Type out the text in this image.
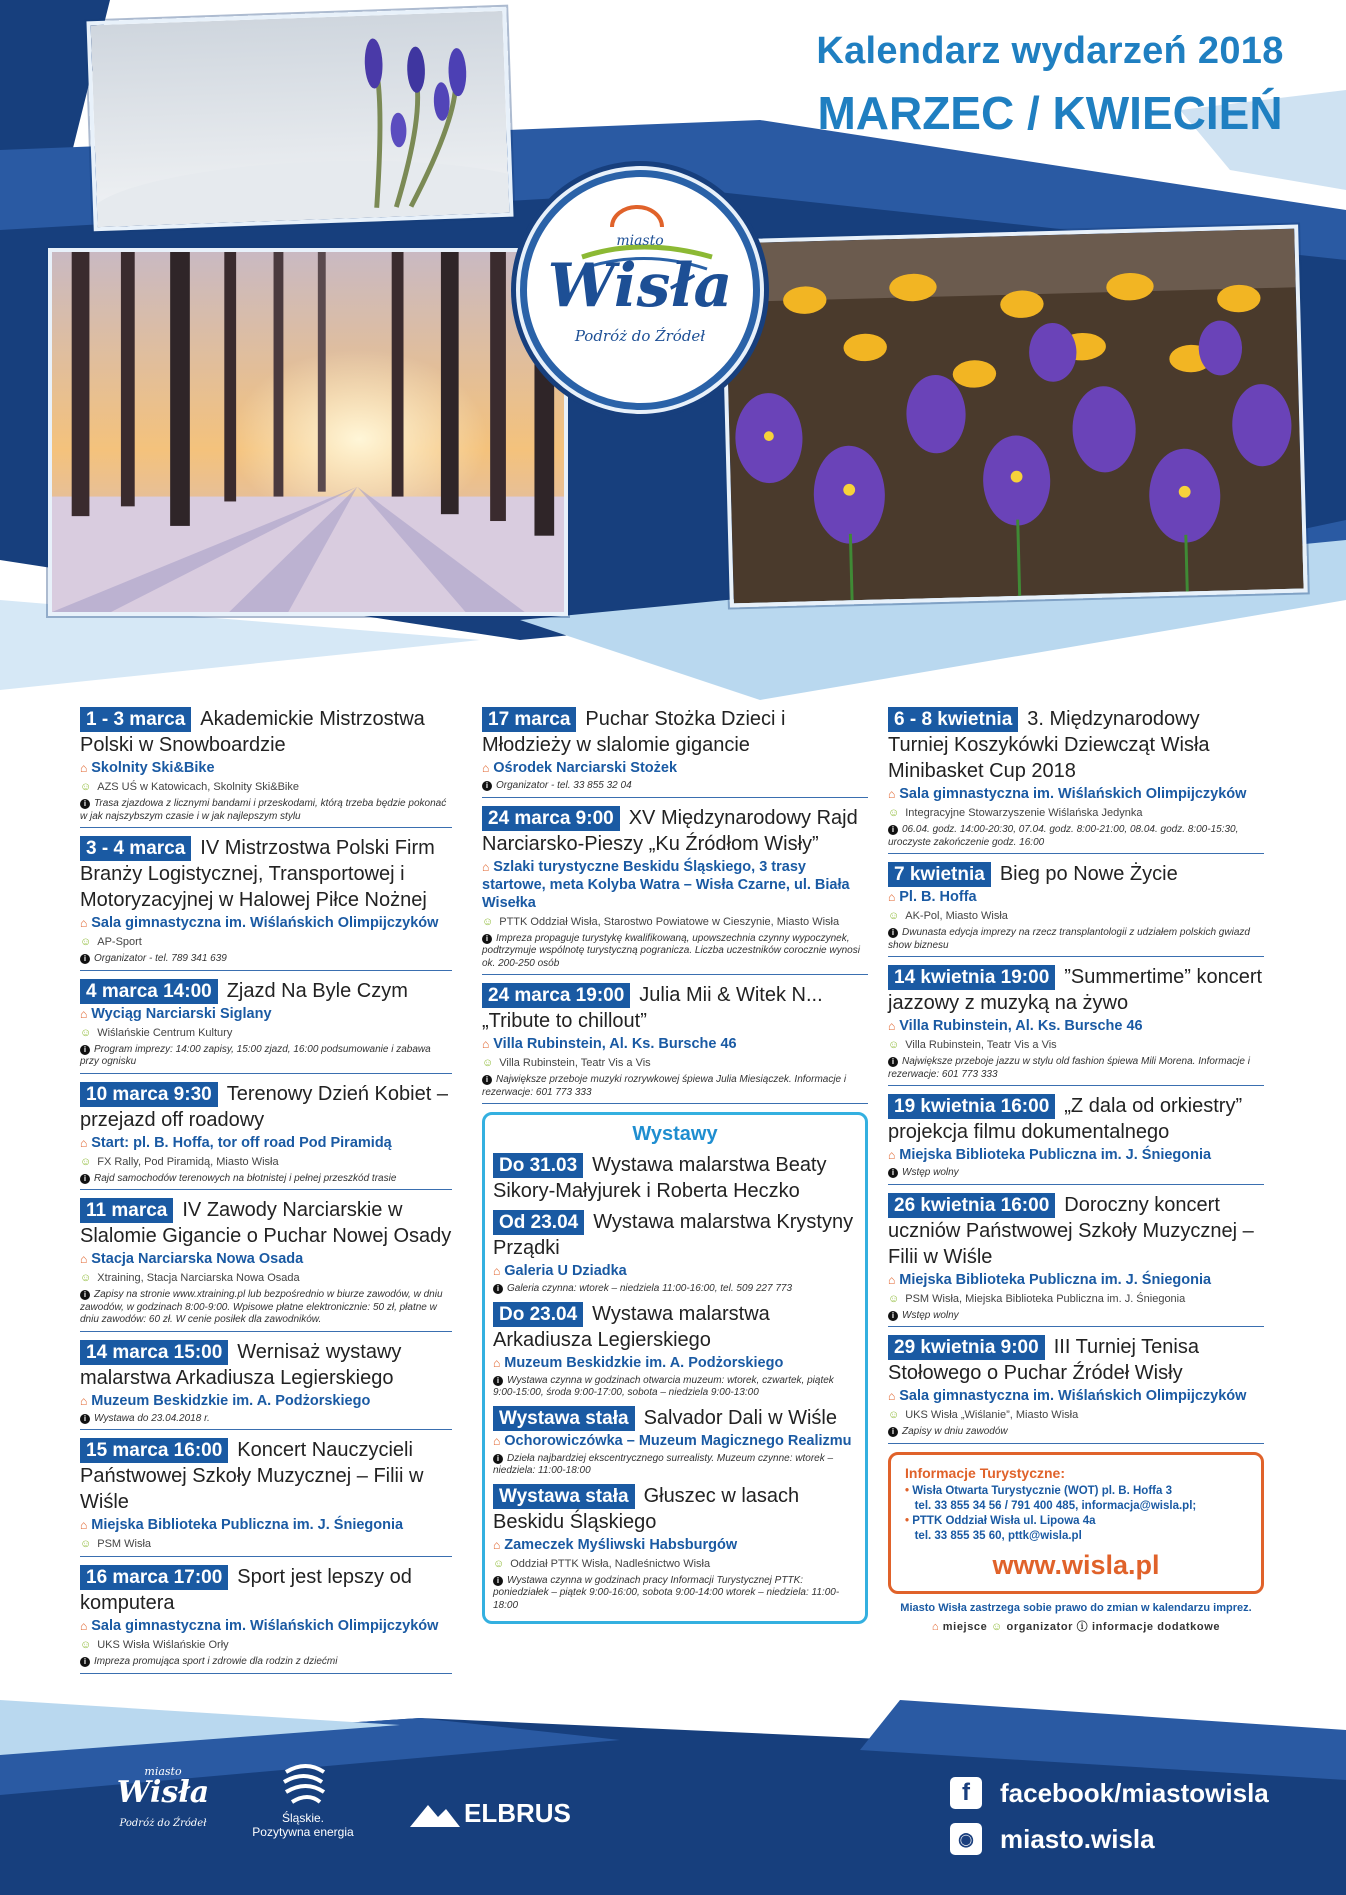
Kalendarz wydarzeń 2018
MARZEC / KWIECIEŃ
miasto
Wisła
Podróż do Źródeł
1 - 3 marca Akademickie Mistrzostwa Polski w Snowboardzie
⌂ Skolnity Ski&Bike
☺ AZS UŚ w Katowicach, Skolnity Ski&Bike
i Trasa zjazdowa z licznymi bandami i przeskodami, którą trzeba będzie pokonać w jak najszybszym czasie i w jak najlepszym stylu
3 - 4 marca IV Mistrzostwa Polski Firm Branży Logistycznej, Transportowej i Motoryzacyjnej w Halowej Piłce Nożnej
⌂ Sala gimnastyczna im. Wiślańskich Olimpijczyków
☺ AP-Sport
i Organizator - tel. 789 341 639
4 marca 14:00 Zjazd Na Byle Czym
⌂ Wyciąg Narciarski Siglany
☺ Wiślańskie Centrum Kultury
i Program imprezy: 14:00 zapisy, 15:00 zjazd, 16:00 podsumowanie i zabawa przy ognisku
10 marca 9:30 Terenowy Dzień Kobiet – przejazd off roadowy
⌂ Start: pl. B. Hoffa, tor off road Pod Piramidą
☺ FX Rally, Pod Piramidą, Miasto Wisła
i Rajd samochodów terenowych na błotnistej i pełnej przeszkód trasie
11 marca IV Zawody Narciarskie w Slalomie Gigancie o Puchar Nowej Osady
⌂ Stacja Narciarska Nowa Osada
☺ Xtraining, Stacja Narciarska Nowa Osada
i Zapisy na stronie www.xtraining.pl lub bezpośrednio w biurze zawodów, w dniu zawodów, w godzinach 8:00-9:00. Wpisowe płatne elektronicznie: 50 zł, płatne w dniu zawodów: 60 zł. W cenie posiłek dla zawodników.
14 marca 15:00 Wernisaż wystawy malarstwa Arkadiusza Legierskiego
⌂ Muzeum Beskidzkie im. A. Podżorskiego
i Wystawa do 23.04.2018 r.
15 marca 16:00 Koncert Nauczycieli Państwowej Szkoły Muzycznej – Filii w Wiśle
⌂ Miejska Biblioteka Publiczna im. J. Śniegonia
☺ PSM Wisła
16 marca 17:00 Sport jest lepszy od komputera
⌂ Sala gimnastyczna im. Wiślańskich Olimpijczyków
☺ UKS Wisła Wiślańskie Orły
i Impreza promująca sport i zdrowie dla rodzin z dziećmi
17 marca Puchar Stożka Dzieci i Młodzieży w slalomie gigancie
⌂ Ośrodek Narciarski Stożek
i Organizator - tel. 33 855 32 04
24 marca 9:00 XV Międzynarodowy Rajd Narciarsko-Pieszy „Ku Źródłom Wisły”
⌂ Szlaki turystyczne Beskidu Śląskiego, 3 trasy startowe, meta Kolyba Watra – Wisła Czarne, ul. Biała Wisełka
☺ PTTK Oddział Wisła, Starostwo Powiatowe w Cieszynie, Miasto Wisła
i Impreza propaguje turystykę kwalifikowaną, upowszechnia czynny wypoczynek, podtrzymuje wspólnotę turystyczną pogranicza. Liczba uczestników corocznie wynosi ok. 200-250 osób
24 marca 19:00 Julia Mii & Witek N... „Tribute to chillout”
⌂ Villa Rubinstein, Al. Ks. Bursche 46
☺ Villa Rubinstein, Teatr Vis a Vis
i Największe przeboje muzyki rozrywkowej śpiewa Julia Miesiączek. Informacje i rezerwacje: 601 773 333
Wystawy
Do 31.03 Wystawa malarstwa Beaty Sikory-Małyjurek i Roberta Heczko
Od 23.04 Wystawa malarstwa Krystyny Prządki
⌂ Galeria U Dziadka
i Galeria czynna: wtorek – niedziela 11:00-16:00, tel. 509 227 773
Do 23.04 Wystawa malarstwa Arkadiusza Legierskiego
⌂ Muzeum Beskidzkie im. A. Podżorskiego
i Wystawa czynna w godzinach otwarcia muzeum: wtorek, czwartek, piątek 9:00-15:00, środa 9:00-17:00, sobota – niedziela 9:00-13:00
Wystawa stała Salvador Dali w Wiśle
⌂ Ochorowiczówka – Muzeum Magicznego Realizmu
i Dzieła najbardziej ekscentrycznego surrealisty. Muzeum czynne: wtorek – niedziela: 11:00-18:00
Wystawa stała Głuszec w lasach Beskidu Śląskiego
⌂ Zameczek Myśliwski Habsburgów
☺ Oddział PTTK Wisła, Nadleśnictwo Wisła
i Wystawa czynna w godzinach pracy Informacji Turystycznej PTTK: poniedziałek – piątek 9:00-16:00, sobota 9:00-14:00 wtorek – niedziela: 11:00-18:00
6 - 8 kwietnia 3. Międzynarodowy Turniej Koszykówki Dziewcząt Wisła Minibasket Cup 2018
⌂ Sala gimnastyczna im. Wiślańskich Olimpijczyków
☺ Integracyjne Stowarzyszenie Wiślańska Jedynka
i 06.04. godz. 14:00-20:30, 07.04. godz. 8:00-21:00, 08.04. godz. 8:00-15:30, uroczyste zakończenie godz. 16:00
7 kwietnia Bieg po Nowe Życie
⌂ Pl. B. Hoffa
☺ AK-Pol, Miasto Wisła
i Dwunasta edycja imprezy na rzecz transplantologii z udziałem polskich gwiazd show biznesu
14 kwietnia 19:00 ”Summertime” koncert jazzowy z muzyką na żywo
⌂ Villa Rubinstein, Al. Ks. Bursche 46
☺ Villa Rubinstein, Teatr Vis a Vis
i Największe przeboje jazzu w stylu old fashion śpiewa Mili Morena. Informacje i rezerwacje: 601 773 333
19 kwietnia 16:00 „Z dala od orkiestry” projekcja filmu dokumentalnego
⌂ Miejska Biblioteka Publiczna im. J. Śniegonia
i Wstęp wolny
26 kwietnia 16:00 Doroczny koncert uczniów Państwowej Szkoły Muzycznej – Filii w Wiśle
⌂ Miejska Biblioteka Publiczna im. J. Śniegonia
☺ PSM Wisła, Miejska Biblioteka Publiczna im. J. Śniegonia
i Wstęp wolny
29 kwietnia 9:00 III Turniej Tenisa Stołowego o Puchar Źródeł Wisły
⌂ Sala gimnastyczna im. Wiślańskich Olimpijczyków
☺ UKS Wisła „Wiślanie”, Miasto Wisła
i Zapisy w dniu zawodów
Informacje Turystyczne:
• Wisła Otwarta Turystycznie (WOT) pl. B. Hoffa 3
tel. 33 855 34 56 / 791 400 485, informacja@wisla.pl;
• PTTK Oddział Wisła ul. Lipowa 4a
tel. 33 855 35 60, pttk@wisla.pl
www.wisla.pl
Miasto Wisła zastrzega sobie prawo do zmian w kalendarzu imprez.
⌂ miejsce ☺ organizator ⓘ informacje dodatkowe
miasto
Wisła
Podróż do Źródeł	Śląskie.
Pozytywna energia
ELBRUS
f	facebook/miastowisla
◉	miasto.wisla
